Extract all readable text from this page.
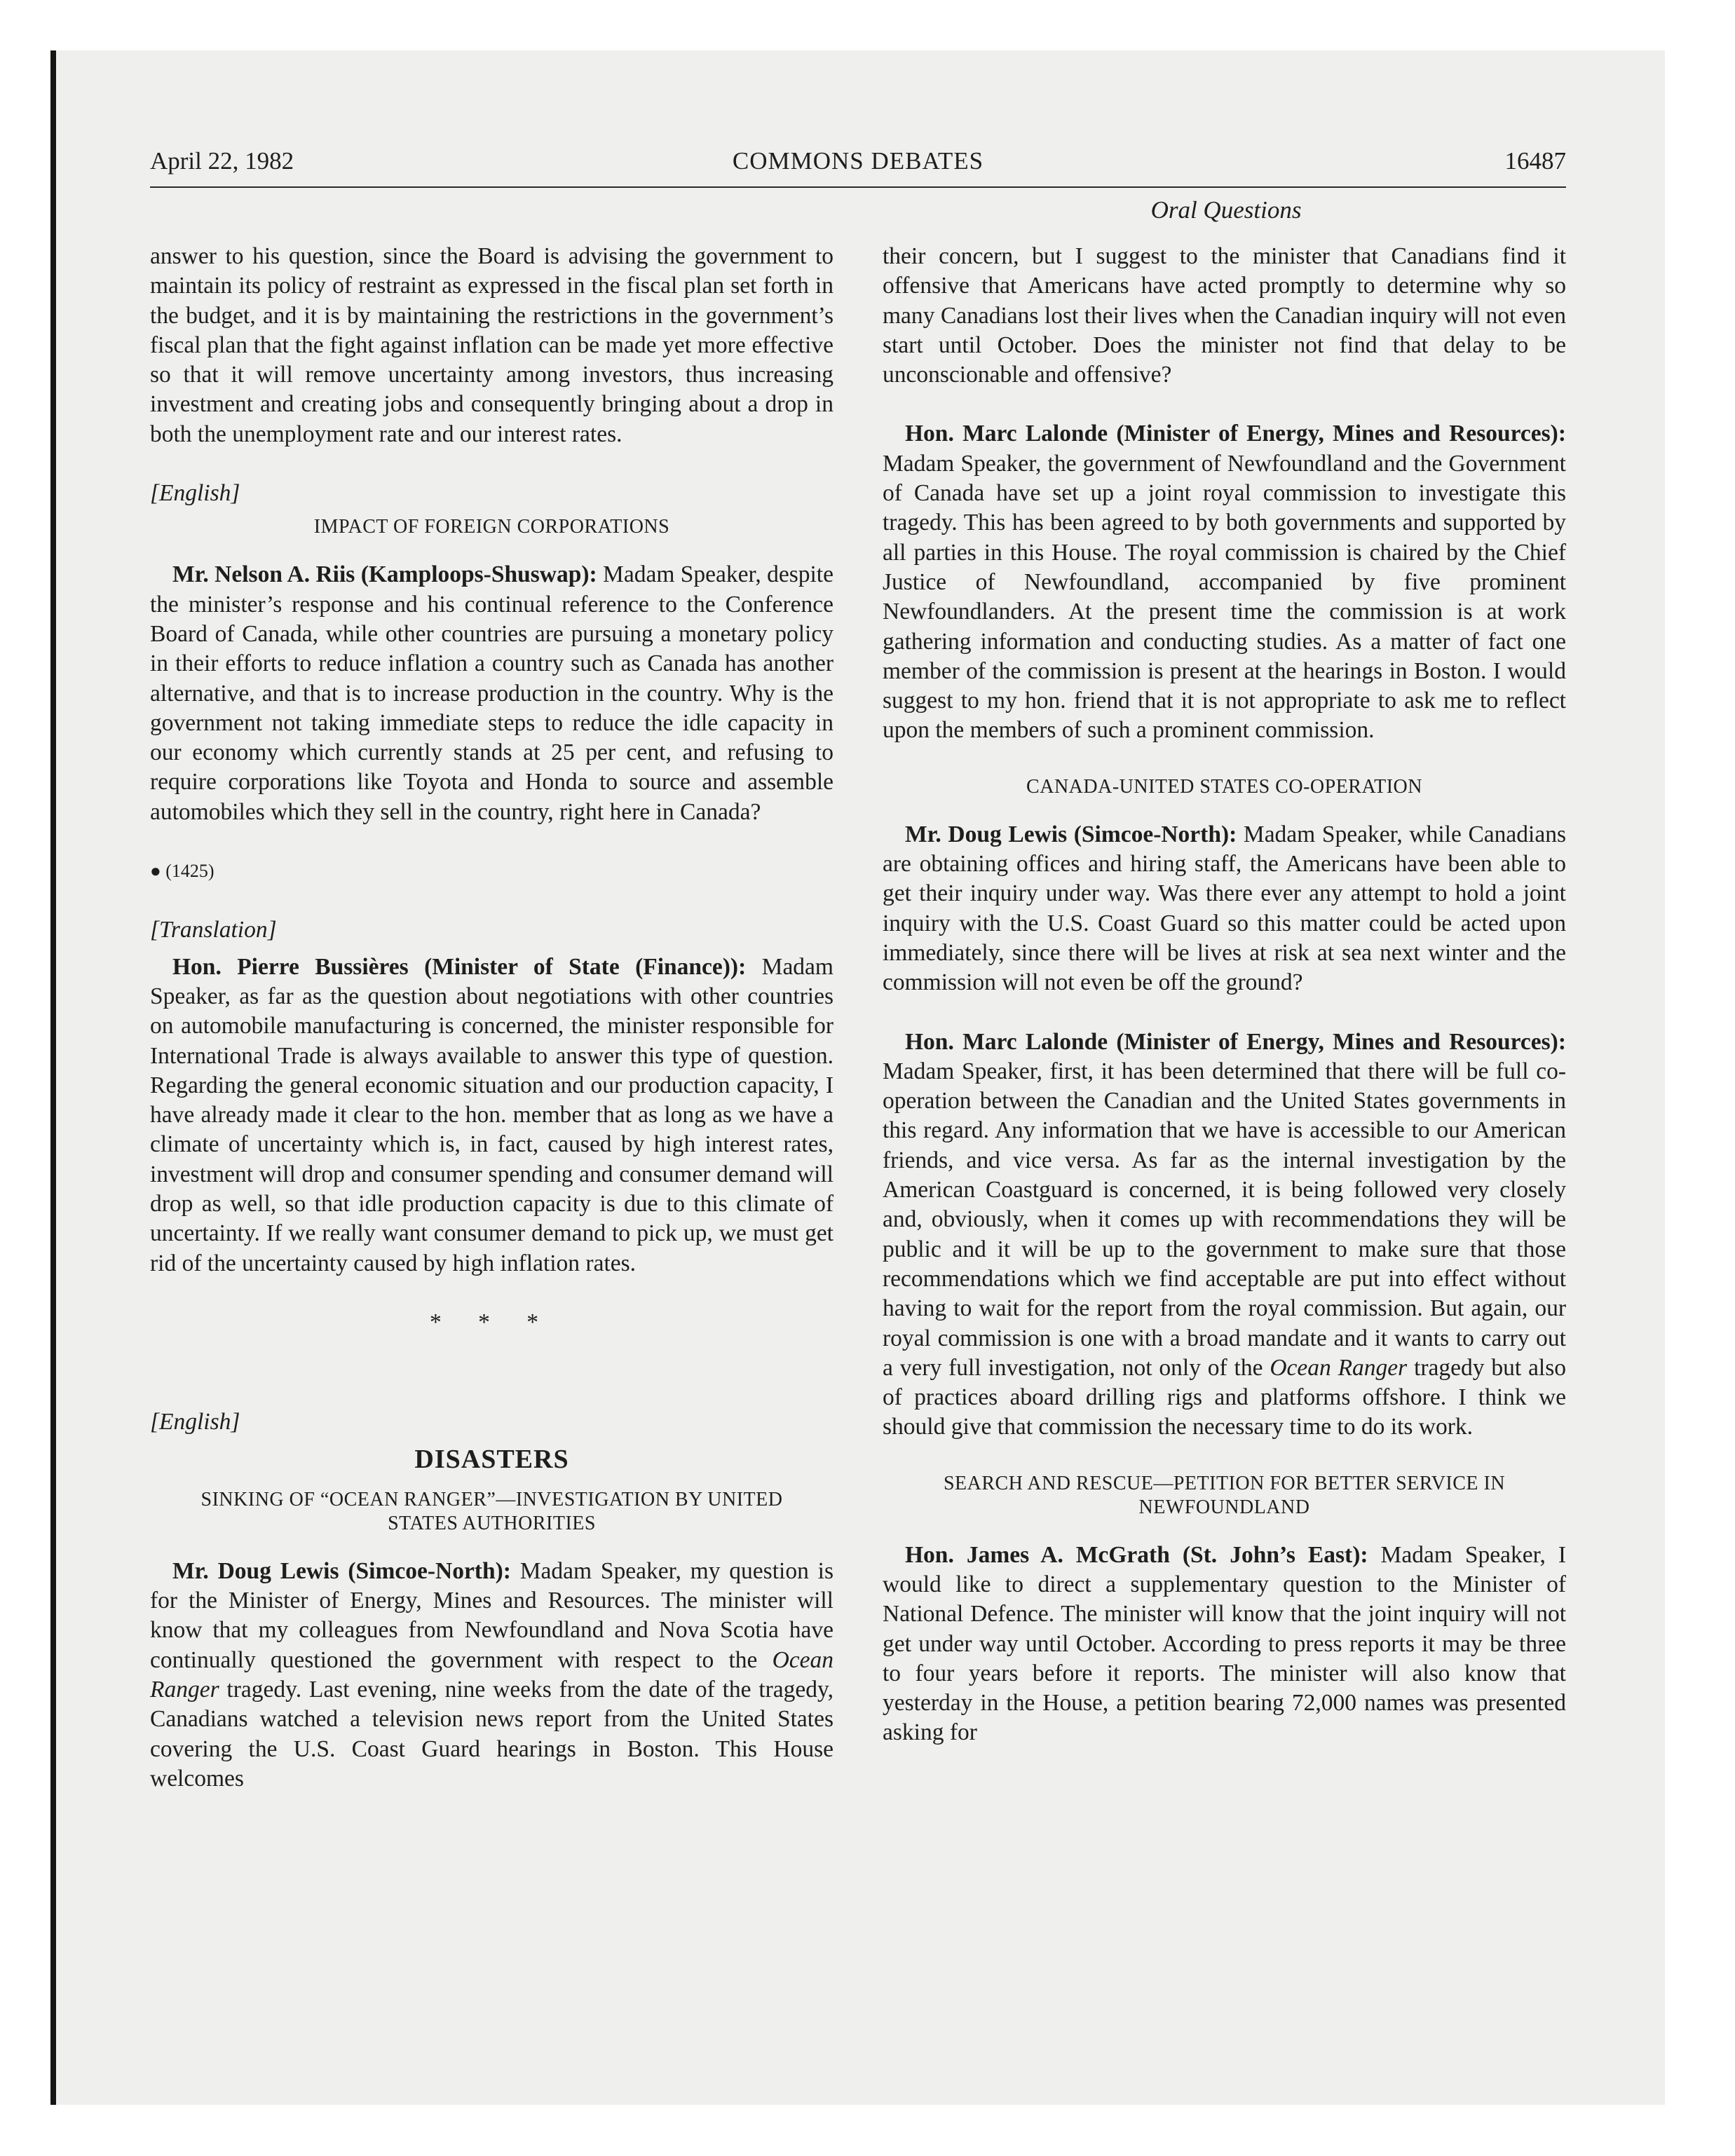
April 22, 1982	COMMONS DEBATES	16487
Oral Questions

answer to his question, since the Board is advising the government to maintain its policy of restraint as expressed in the fiscal plan set forth in the budget, and it is by maintaining the restrictions in the government’s fiscal plan that the fight against inflation can be made yet more effective so that it will remove uncertainty among investors, thus increasing investment and creating jobs and consequently bringing about a drop in both the unemployment rate and our interest rates.

[English]
IMPACT OF FOREIGN CORPORATIONS

Mr. Nelson A. Riis (Kamploops-Shuswap): Madam Speaker, despite the minister’s response and his continual reference to the Conference Board of Canada, while other countries are pursuing a monetary policy in their efforts to reduce inflation a country such as Canada has another alternative, and that is to increase production in the country. Why is the government not taking immediate steps to reduce the idle capacity in our economy which currently stands at 25 per cent, and refusing to require corporations like Toyota and Honda to source and assemble automobiles which they sell in the country, right here in Canada?

● (1425)
[Translation]

Hon. Pierre Bussières (Minister of State (Finance)): Madam Speaker, as far as the question about negotiations with other countries on automobile manufacturing is concerned, the minister responsible for International Trade is always available to answer this type of question. Regarding the general economic situation and our production capacity, I have already made it clear to the hon. member that as long as we have a climate of uncertainty which is, in fact, caused by high interest rates, investment will drop and consumer spending and consumer demand will drop as well, so that idle production capacity is due to this climate of uncertainty. If we really want consumer demand to pick up, we must get rid of the uncertainty caused by high inflation rates.

* * *
[English]
DISASTERS
SINKING OF “OCEAN RANGER”—INVESTIGATION BY UNITED STATES AUTHORITIES

Mr. Doug Lewis (Simcoe-North): Madam Speaker, my question is for the Minister of Energy, Mines and Resources. The minister will know that my colleagues from Newfoundland and Nova Scotia have continually questioned the government with respect to the Ocean Ranger tragedy. Last evening, nine weeks from the date of the tragedy, Canadians watched a television news report from the United States covering the U.S. Coast Guard hearings in Boston. This House welcomes

their concern, but I suggest to the minister that Canadians find it offensive that Americans have acted promptly to determine why so many Canadians lost their lives when the Canadian inquiry will not even start until October. Does the minister not find that delay to be unconscionable and offensive?

Hon. Marc Lalonde (Minister of Energy, Mines and Resources): Madam Speaker, the government of Newfoundland and the Government of Canada have set up a joint royal commission to investigate this tragedy. This has been agreed to by both governments and supported by all parties in this House. The royal commission is chaired by the Chief Justice of Newfoundland, accompanied by five prominent Newfoundlanders. At the present time the commission is at work gathering information and conducting studies. As a matter of fact one member of the commission is present at the hearings in Boston. I would suggest to my hon. friend that it is not appropriate to ask me to reflect upon the members of such a prominent commission.

CANADA-UNITED STATES CO-OPERATION

Mr. Doug Lewis (Simcoe-North): Madam Speaker, while Canadians are obtaining offices and hiring staff, the Americans have been able to get their inquiry under way. Was there ever any attempt to hold a joint inquiry with the U.S. Coast Guard so this matter could be acted upon immediately, since there will be lives at risk at sea next winter and the commission will not even be off the ground?

Hon. Marc Lalonde (Minister of Energy, Mines and Resources): Madam Speaker, first, it has been determined that there will be full co-operation between the Canadian and the United States governments in this regard. Any information that we have is accessible to our American friends, and vice versa. As far as the internal investigation by the American Coastguard is concerned, it is being followed very closely and, obviously, when it comes up with recommendations they will be public and it will be up to the government to make sure that those recommendations which we find acceptable are put into effect without having to wait for the report from the royal commission. But again, our royal commission is one with a broad mandate and it wants to carry out a very full investigation, not only of the Ocean Ranger tragedy but also of practices aboard drilling rigs and platforms offshore. I think we should give that commission the necessary time to do its work.

SEARCH AND RESCUE—PETITION FOR BETTER SERVICE IN NEWFOUNDLAND

Hon. James A. McGrath (St. John’s East): Madam Speaker, I would like to direct a supplementary question to the Minister of National Defence. The minister will know that the joint inquiry will not get under way until October. According to press reports it may be three to four years before it reports. The minister will also know that yesterday in the House, a petition bearing 72,000 names was presented asking for
